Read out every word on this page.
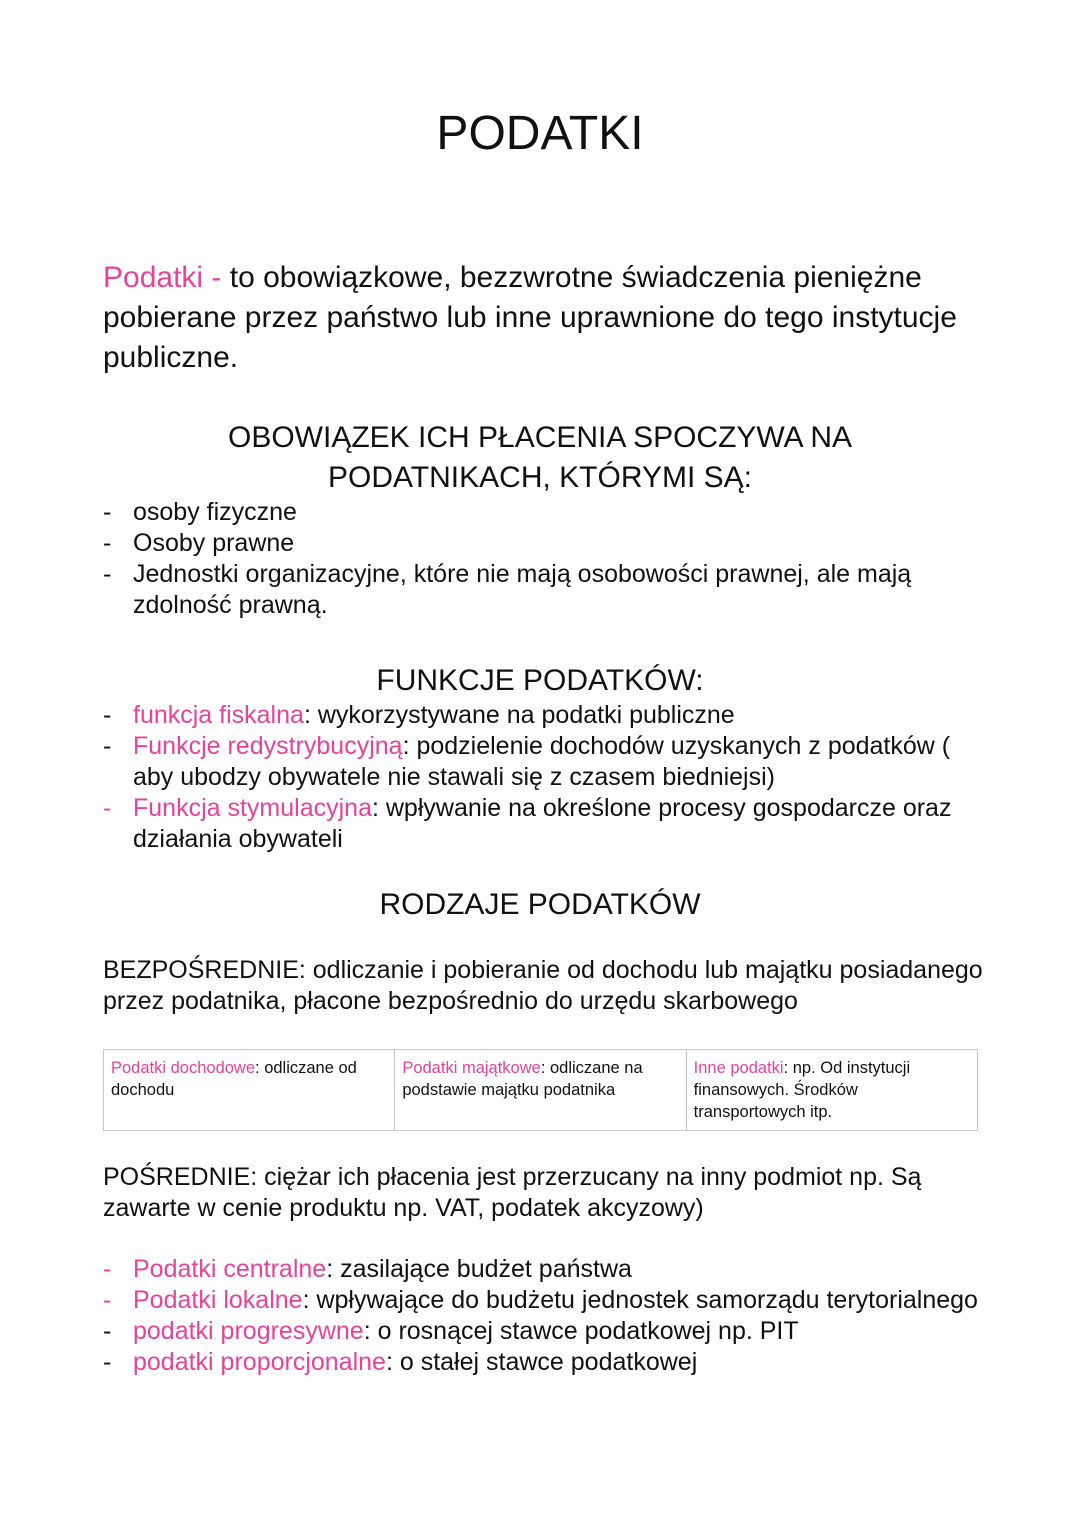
PODATKI

Podatki - to obowiązkowe, bezzwrotne świadczenia pieniężne pobierane przez państwo lub inne uprawnione do tego instytucje publiczne.

OBOWIĄZEK ICH PŁACENIA SPOCZYWA NA
PODATNIKACH, KTÓRYMI SĄ:
- osoby fizyczne
- Osoby prawne
- Jednostki organizacyjne, które nie mają osobowości prawnej, ale mają zdolność prawną.
FUNKCJE PODATKÓW:
- funkcja fiskalna: wykorzystywane na podatki publiczne
- Funkcje redystrybucyjną: podzielenie dochodów uzyskanych z podatków ( aby ubodzy obywatele nie stawali się z czasem biedniejsi)
- Funkcja stymulacyjna: wpływanie na określone procesy gospodarcze oraz działania obywateli
RODZAJE PODATKÓW

BEZPOŚREDNIE: odliczanie i pobieranie od dochodu lub majątku posiadanego przez podatnika, płacone bezpośrednio do urzędu skarbowego

Podatki dochodowe: odliczane od dochodu	Podatki majątkowe: odliczane na podstawie majątku podatnika	Inne podatki: np. Od instytucji finansowych. Środków transportowych itp.

POŚREDNIE: ciężar ich płacenia jest przerzucany na inny podmiot np. Są zawarte w cenie produktu np. VAT, podatek akcyzowy)

- Podatki centralne: zasilające budżet państwa
- Podatki lokalne: wpływające do budżetu jednostek samorządu terytorialnego
- podatki progresywne: o rosnącej stawce podatkowej np. PIT
- podatki proporcjonalne: o stałej stawce podatkowej
